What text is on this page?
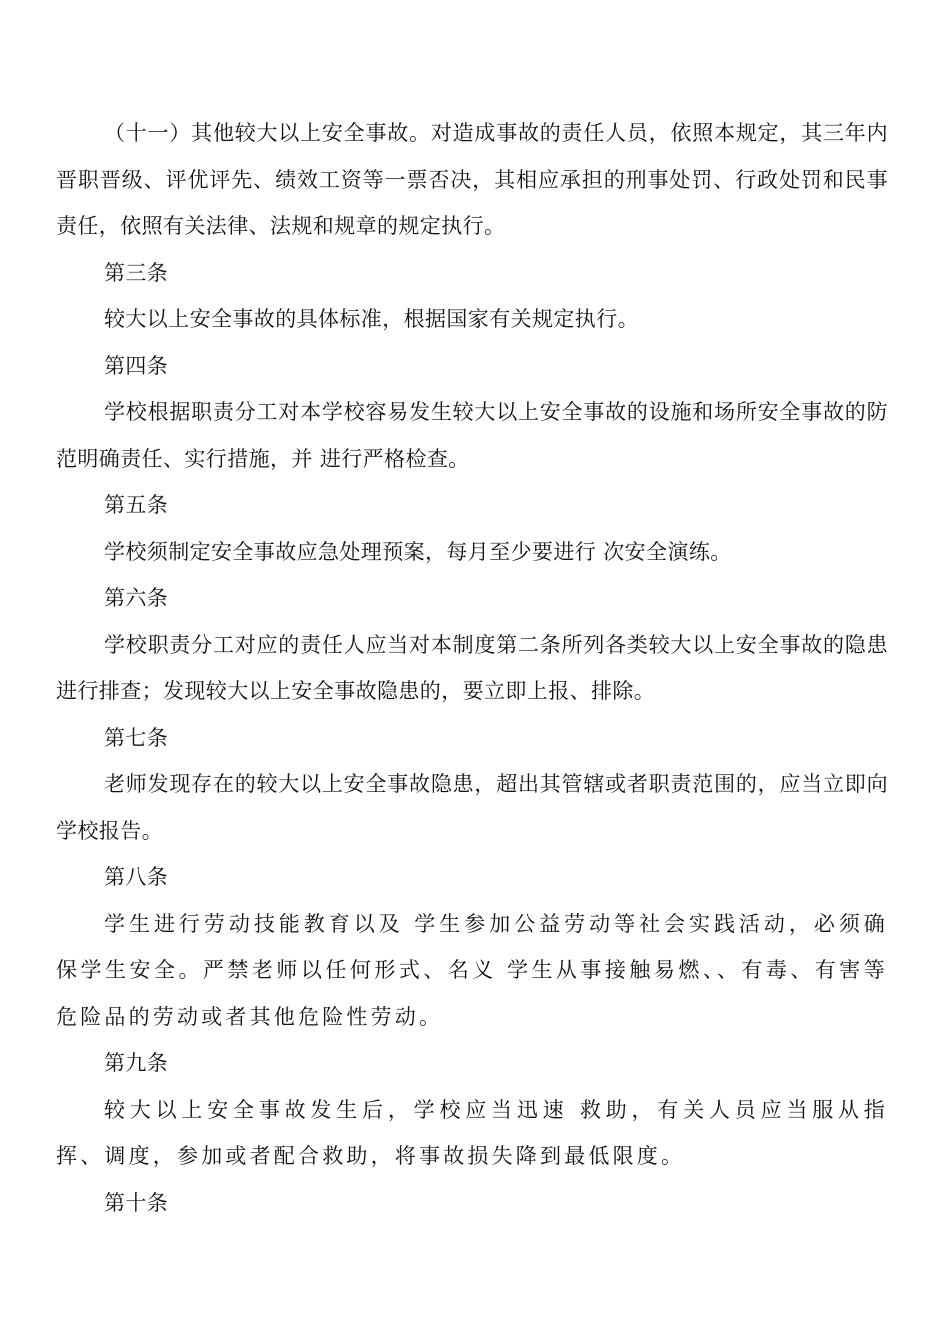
（十一）其他较大以上安全事故。对造成事故的责任人员，依照本规定，其三年内晋职晋级、评优评先、绩效工资等一票否决，其相应承担的刑事处罚、行政处罚和民事责任，依照有关法律、法规和规章的规定执行。

第三条

较大以上安全事故的具体标准，根据国家有关规定执行。

第四条

学校根据职责分工对本学校容易发生较大以上安全事故的设施和场所安全事故的防范明确责任、实行措施，并 进行严格检查。

第五条

学校须制定安全事故应急处理预案，每月至少要进行 次安全演练。

第六条

学校职责分工对应的责任人应当对本制度第二条所列各类较大以上安全事故的隐患进行排查；发现较大以上安全事故隐患的，要立即上报、排除。

第七条

老师发现存在的较大以上安全事故隐患，超出其管辖或者职责范围的，应当立即向学校报告。

第八条

学生进行劳动技能教育以及 学生参加公益劳动等社会实践活动，必须确保学生安全。严禁老师以任何形式、名义 学生从事接触易燃、、有毒、有害等危险品的劳动或者其他危险性劳动。

第九条

较大以上安全事故发生后，学校应当迅速 救助，有关人员应当服从指挥、调度，参加或者配合救助，将事故损失降到最低限度。

第十条
